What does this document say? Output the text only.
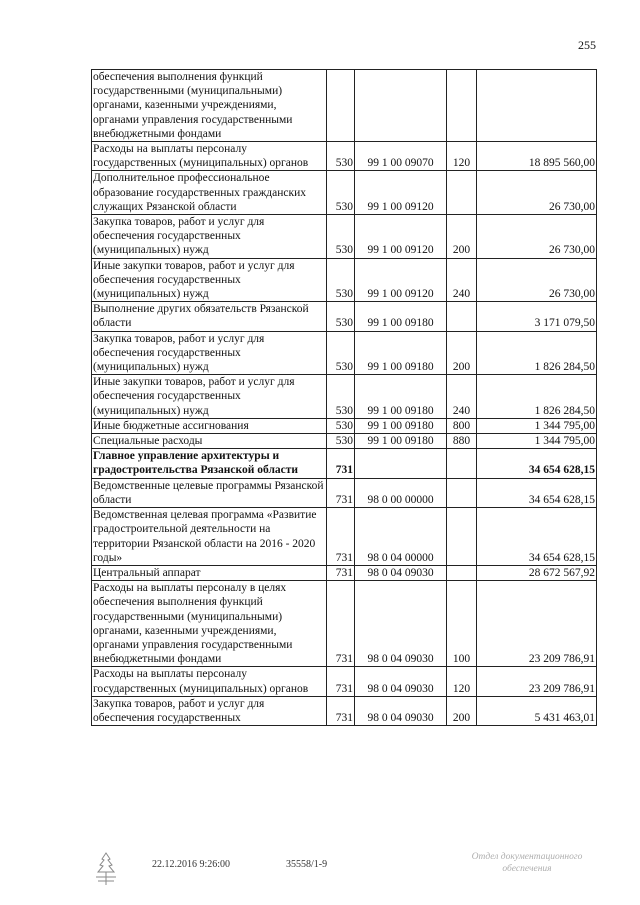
255
обеспечения выполнения функций государственными (муниципальными) органами, казенными учреждениями, органами управления государственными внебюджетными фондами				
Расходы на выплаты персоналу государственных (муниципальных) органов	530	99 1 00 09070	120	18 895 560,00
Дополнительное профессиональное образование государственных гражданских служащих Рязанской области	530	99 1 00 09120		26 730,00
Закупка товаров, работ и услуг для обеспечения государственных (муниципальных) нужд	530	99 1 00 09120	200	26 730,00
Иные закупки товаров, работ и услуг для обеспечения государственных (муниципальных) нужд	530	99 1 00 09120	240	26 730,00
Выполнение других обязательств Рязанской области	530	99 1 00 09180		3 171 079,50
Закупка товаров, работ и услуг для обеспечения государственных (муниципальных) нужд	530	99 1 00 09180	200	1 826 284,50
Иные закупки товаров, работ и услуг для обеспечения государственных (муниципальных) нужд	530	99 1 00 09180	240	1 826 284,50
Иные бюджетные ассигнования	530	99 1 00 09180	800	1 344 795,00
Специальные расходы	530	99 1 00 09180	880	1 344 795,00
Главное управление архитектуры и градостроительства Рязанской области	731			34 654 628,15
Ведомственные целевые программы Рязанской области	731	98 0 00 00000		34 654 628,15
Ведомственная целевая программа «Развитие градостроительной деятельности на территории Рязанской области на 2016 - 2020 годы»	731	98 0 04 00000		34 654 628,15
Центральный аппарат	731	98 0 04 09030		28 672 567,92
Расходы на выплаты персоналу в целях обеспечения выполнения функций государственными (муниципальными) органами, казенными учреждениями, органами управления государственными внебюджетными фондами	731	98 0 04 09030	100	23 209 786,91
Расходы на выплаты персоналу государственных (муниципальных) органов	731	98 0 04 09030	120	23 209 786,91
Закупка товаров, работ и услуг для обеспечения государственных	731	98 0 04 09030	200	5 431 463,01
22.12.2016 9:26:00	35558/1-9
Отдел документационного обеспечения
